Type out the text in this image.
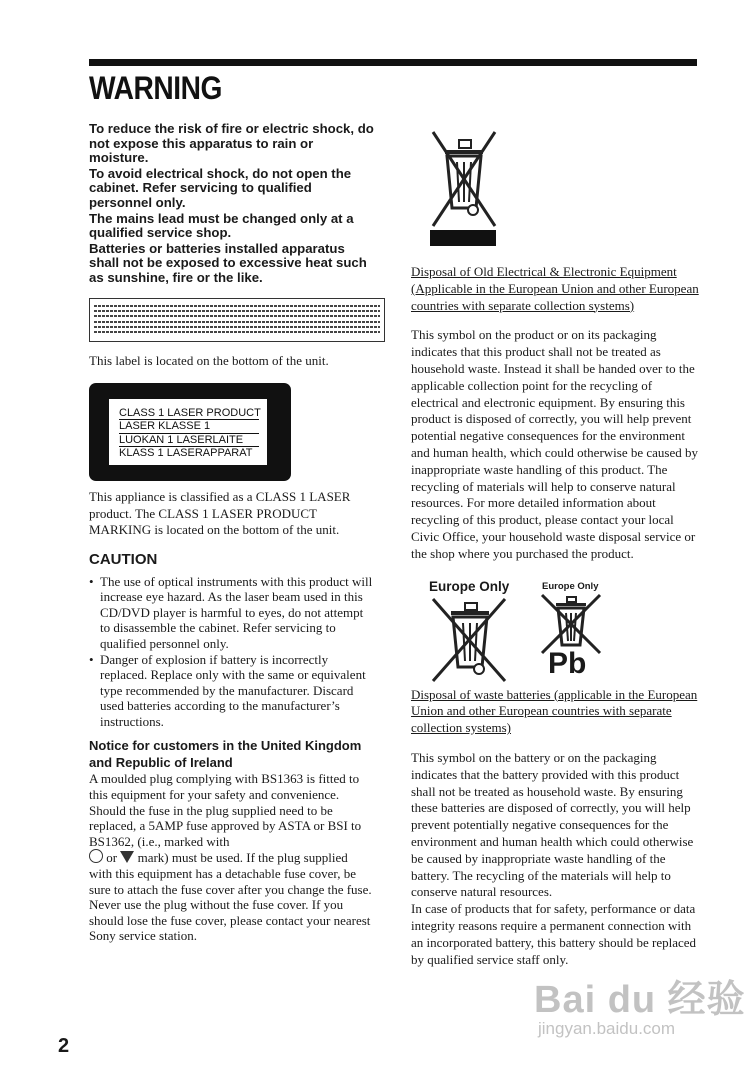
WARNING

To reduce the risk of fire or electric shock, do not expose this apparatus to rain or moisture.

To avoid electrical shock, do not open the cabinet. Refer servicing to qualified personnel only.

The mains lead must be changed only at a qualified service shop.

Batteries or batteries installed apparatus shall not be exposed to excessive heat such as sunshine, fire or the like.

This label is located on the bottom of the unit.

CLASS 1 LASER PRODUCT
LASER KLASSE 1
LUOKAN 1 LASERLAITE
KLASS 1 LASERAPPARAT

This appliance is classified as a CLASS 1 LASER product. The CLASS 1 LASER PRODUCT MARKING is located on the bottom of the unit.

CAUTION
• The use of optical instruments with this product will increase eye hazard. As the laser beam used in this CD/DVD player is harmful to eyes, do not attempt to disassemble the cabinet. Refer servicing to qualified personnel only.
• Danger of explosion if battery is incorrectly replaced. Replace only with the same or equivalent type recommended by the manufacturer. Discard used batteries according to the manufacturer’s instructions.
Notice for customers in the United Kingdom and Republic of Ireland

A moulded plug complying with BS1363 is fitted to this equipment for your safety and convenience. Should the fuse in the plug supplied need to be replaced, a 5AMP fuse approved by ASTA or BSI to BS1362, (i.e., marked with
or mark) must be used. If the plug supplied with this equipment has a detachable fuse cover, be sure to attach the fuse cover after you change the fuse. Never use the plug without the fuse cover. If you should lose the fuse cover, please contact your nearest Sony service station.

Disposal of Old Electrical & Electronic Equipment (Applicable in the European Union and other European countries with separate collection systems)

This symbol on the product or on its packaging indicates that this product shall not be treated as household waste. Instead it shall be handed over to the applicable collection point for the recycling of electrical and electronic equipment. By ensuring this product is disposed of correctly, you will help prevent potential negative consequences for the environment and human health, which could otherwise be caused by inappropriate waste handling of this product. The recycling of materials will help to conserve natural resources. For more detailed information about recycling of this product, please contact your local Civic Office, your household waste disposal service or the shop where you purchased the product.

Europe Only	Europe Only
Pb

Disposal of waste batteries (applicable in the European Union and other European countries with separate collection systems)

This symbol on the battery or on the packaging indicates that the battery provided with this product shall not be treated as household waste. By ensuring these batteries are disposed of correctly, you will help prevent potentially negative consequences for the environment and human health which could otherwise be caused by inappropriate waste handling of the battery. The recycling of the materials will help to conserve natural resources.

In case of products that for safety, performance or data integrity reasons require a permanent connection with an incorporated battery, this battery should be replaced by qualified service staff only.

2
Bai du 经验
jingyan.baidu.com
